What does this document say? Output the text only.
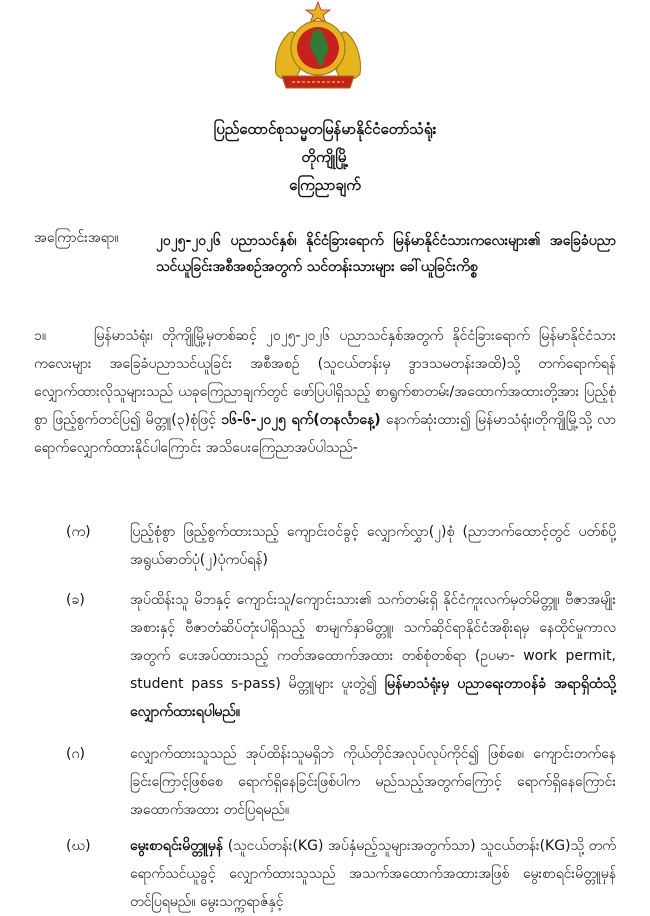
ပြည်ထောင်စုသမ္မတမြန်မာနိုင်ငံတော်သံရုံး
တိုကျိုမြို့
ကြေညာချက်
အကြောင်းအရာ။	၂၀၂၅-၂၀၂၆ ပညာသင်နှစ်၊ နိုင်ငံခြားရောက် မြန်မာနိုင်ငံသားကလေးများ၏ အခြေခံပညာသင်ယူခြင်းအစီအစဉ်အတွက် သင်တန်းသားများ ခေါ်ယူခြင်းကိစ္စ
၁။	မြန်မာသံရုံး၊ တိုကျိုမြို့မှတစ်ဆင့် ၂၀၂၅-၂၀၂၆ ပညာသင်နှစ်အတွက် နိုင်ငံခြားရောက် မြန်မာနိုင်ငံသားကလေးများ အခြေခံပညာသင်ယူခြင်း အစီအစဉ် (သူငယ်တန်းမှ ဒွာဒသမတန်းအထိ)သို့ တက်ရောက်ရန် လျှောက်ထားလိုသူများသည် ယခုကြေညာချက်တွင် ဖော်ပြပါရှိသည့် စာရွက်စာတမ်း/အထောက်အထားတို့အား ပြည့်စုံစွာ ဖြည့်စွက်တင်ပြ၍ မိတ္တူ(၃)စုံဖြင့် ၁၆-၆-၂၀၂၅ ရက်(တနင်္လာနေ့) နောက်ဆုံးထား၍ မြန်မာသံရုံး၊တိုကျိုမြို့သို့ လာရောက်လျှောက်ထားနိုင်ပါကြောင်း အသိပေးကြေညာအပ်ပါသည်-
(က)	ပြည့်စုံစွာ ဖြည့်စွက်ထားသည့် ကျောင်းဝင်ခွင့် လျှောက်လွှာ(၂)စုံ (ညာဘက်ထောင့်တွင် ပတ်စ်ပို့အရွယ်ဓာတ်ပုံ(၂)ပုံကပ်ရန်)
(ခ)	အုပ်ထိန်းသူ မိဘနှင့် ကျောင်းသူ/ကျောင်းသား၏ သက်တမ်းရှိ နိုင်ငံကူးလက်မှတ်မိတ္တူ၊ ဗီဇာအမျိုးအစားနှင့် ဗီဇာတံဆိပ်တုံးပါရှိသည့် စာမျက်နှာမိတ္တူ၊ သက်ဆိုင်ရာနိုင်ငံအစိုးရမှ နေထိုင်မှုကာလအတွက် ပေးအပ်ထားသည့် ကတ်အထောက်အထား တစ်စုံတစ်ရာ (ဥပမာ- work permit, student pass s-pass) မိတ္တူများ ပူးတွဲ၍ မြန်မာသံရုံးမှ ပညာရေးတာဝန်ခံ အရာရှိထံသို့ လျှောက်ထားရပါမည်။
(ဂ)	လျှောက်ထားသူသည် အုပ်ထိန်းသူမရှိဘဲ ကိုယ်တိုင်အလုပ်လုပ်ကိုင်၍ ဖြစ်စေ၊ ကျောင်းတက်နေခြင်းကြောင့်ဖြစ်စေ ရောက်ရှိနေခြင်းဖြစ်ပါက မည်သည့်အတွက်ကြောင့် ရောက်ရှိနေကြောင်း အထောက်အထား တင်ပြရမည်။
(ဃ)	မွေးစာရင်းမိတ္တူမှန် (သူငယ်တန်း(KG) အပ်နှံမည့်သူများအတွက်သာ) သူငယ်တန်း(KG)သို့ တက်ရောက်သင်ယူခွင့် လျှောက်ထားသူသည် အသက်အထောက်အထားအဖြစ် မွေးစာရင်းမိတ္တူမှန် တင်ပြရမည်။ မွေးသက္ကရာဇ်နှင့်
